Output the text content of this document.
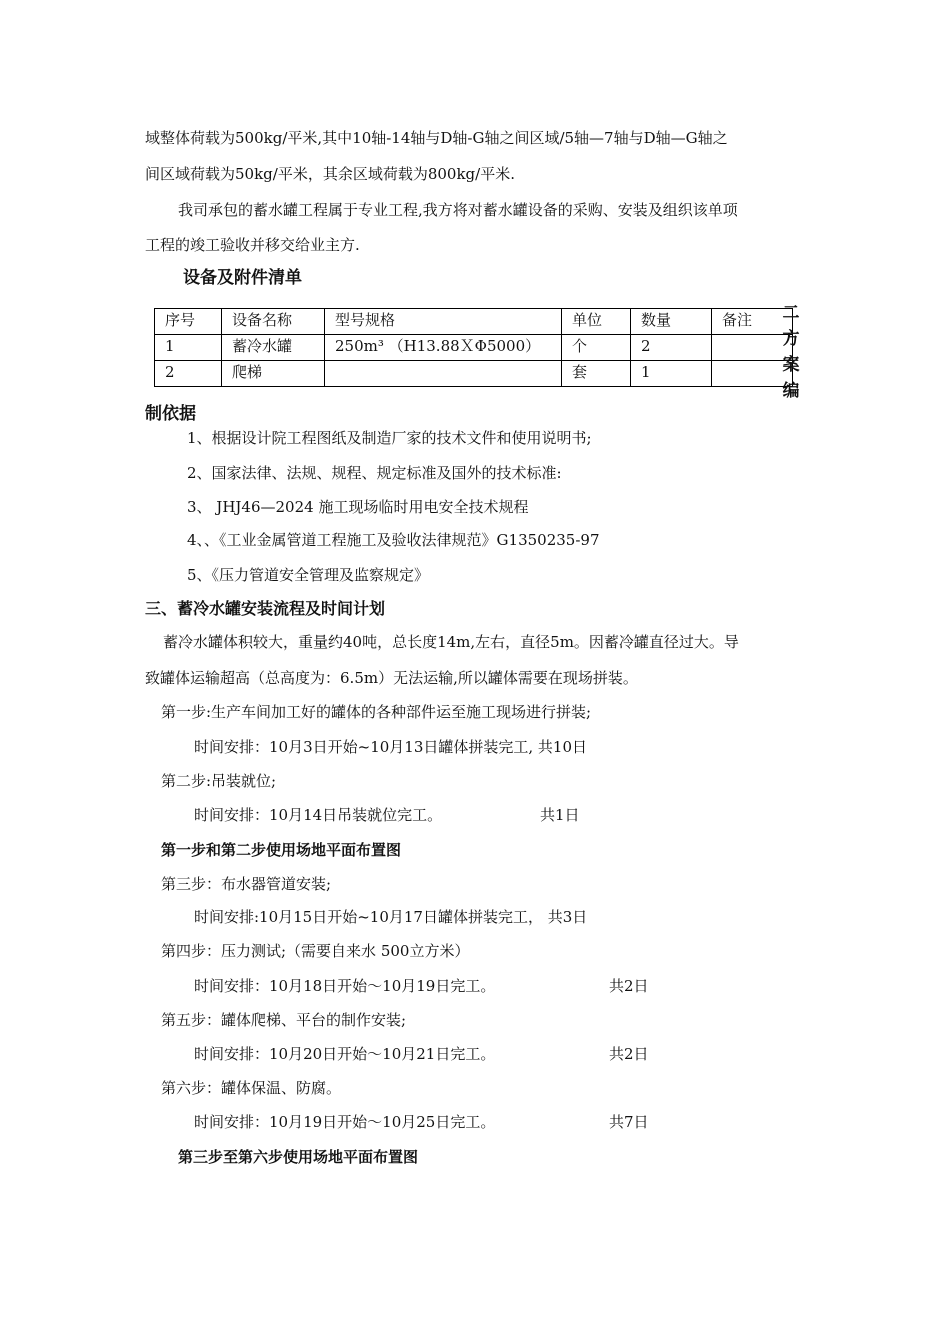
域整体荷载为500kg/平米,其中10轴-14轴与D轴-G轴之间区域/5轴—7轴与D轴—G轴之
间区域荷载为50kg/平米，其余区域荷载为800kg/平米.
我司承包的蓄水罐工程属于专业工程,我方将对蓄水罐设备的采购、安装及组织该单项
工程的竣工验收并移交给业主方.
设备及附件清单
序号	设备名称	型号规格	单位	数量	备注
1	蓄冷水罐	250m³ （H13.88ＸΦ5000）	个	2	
2	爬梯		套	1	
二
方
案
编
制依据
1、根据设计院工程图纸及制造厂家的技术文件和使用说明书;
2、国家法律、法规、规程、规定标准及国外的技术标准:
3、 JHJ46—2024 施工现场临时用电安全技术规程
4、、《工业金属管道工程施工及验收法律规范》G1350235-97
5、《压力管道安全管理及监察规定》
三、蓄冷水罐安装流程及时间计划
蓄冷水罐体积较大，重量约40吨，总长度14m,左右，直径5m。因蓄冷罐直径过大。导
致罐体运输超高（总高度为：6.5m）无法运输,所以罐体需要在现场拼装。
第一步:生产车间加工好的罐体的各种部件运至施工现场进行拼装;
时间安排：10月3日开始~10月13日罐体拼装完工, 共10日
第二步:吊装就位;
时间安排：10月14日吊装就位完工。	共1日
第一步和第二步使用场地平面布置图
第三步：布水器管道安装;
时间安排:10月15日开始~10月17日罐体拼装完工， 共3日
第四步：压力测试;（需要自来水 500立方米）
时间安排：10月18日开始～10月19日完工。	共2日
第五步：罐体爬梯、平台的制作安装;
时间安排：10月20日开始～10月21日完工。	共2日
第六步：罐体保温、防腐。
时间安排：10月19日开始～10月25日完工。	共7日
第三步至第六步使用场地平面布置图
